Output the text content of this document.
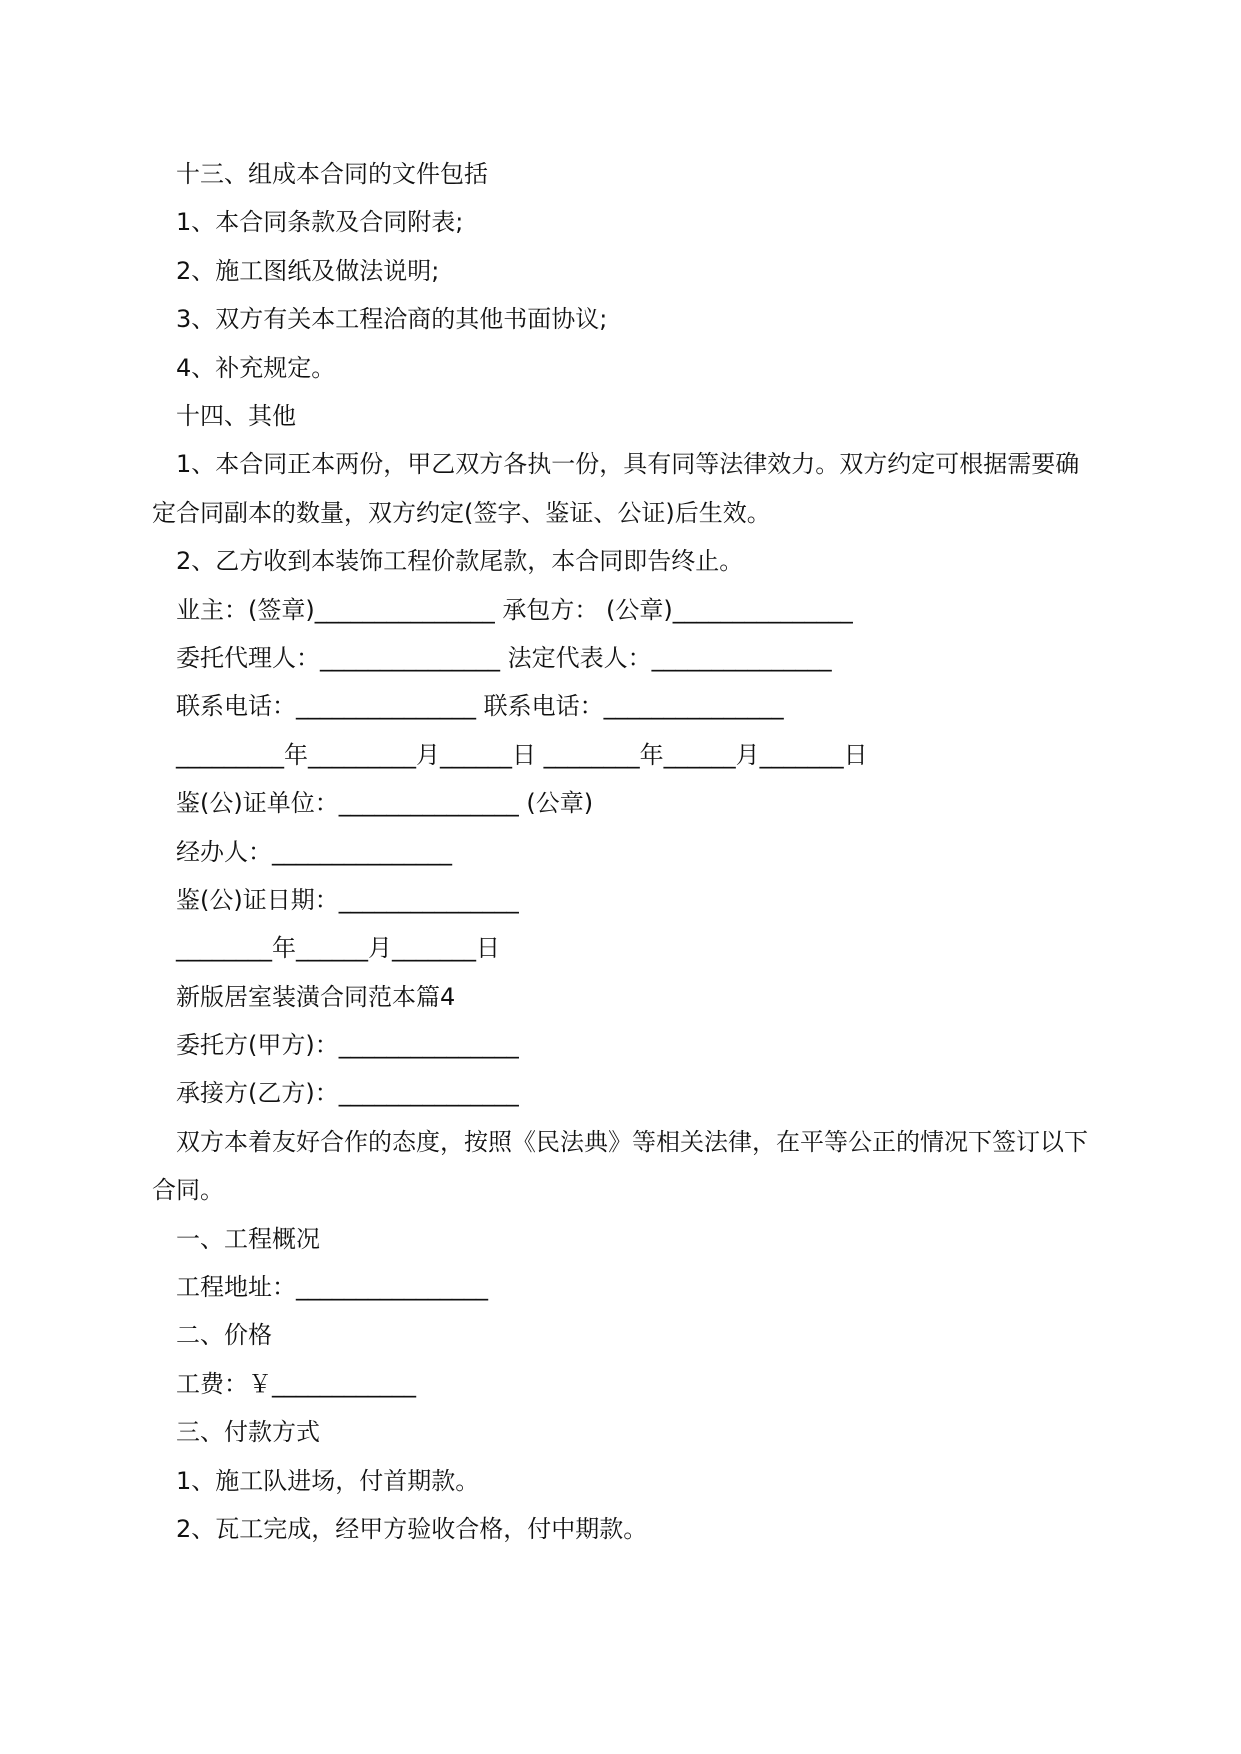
十三、组成本合同的文件包括

1、本合同条款及合同附表;

2、施工图纸及做法说明;

3、双方有关本工程洽商的其他书面协议;

4、补充规定。

十四、其他

1、本合同正本两份，甲乙双方各执一份，具有同等法律效力。双方约定可根据需要确定合同副本的数量，双方约定(签字、鉴证、公证)后生效。

2、乙方收到本装饰工程价款尾款，本合同即告终止。

业主：(签章)_______________ 承包方： (公章)_______________

委托代理人：_______________ 法定代表人：_______________

联系电话：_______________ 联系电话：_______________

_________年_________月______日 ________年______月_______日

鉴(公)证单位：_______________ (公章)

经办人：_______________

鉴(公)证日期：_______________

________年______月_______日

新版居室装潢合同范本篇4

委托方(甲方)：_______________

承接方(乙方)：_______________

双方本着友好合作的态度，按照《民法典》等相关法律，在平等公正的情况下签订以下合同。

一、工程概况

工程地址：________________

二、价格

工费：￥____________

三、付款方式

1、施工队进场，付首期款。

2、瓦工完成，经甲方验收合格，付中期款。
